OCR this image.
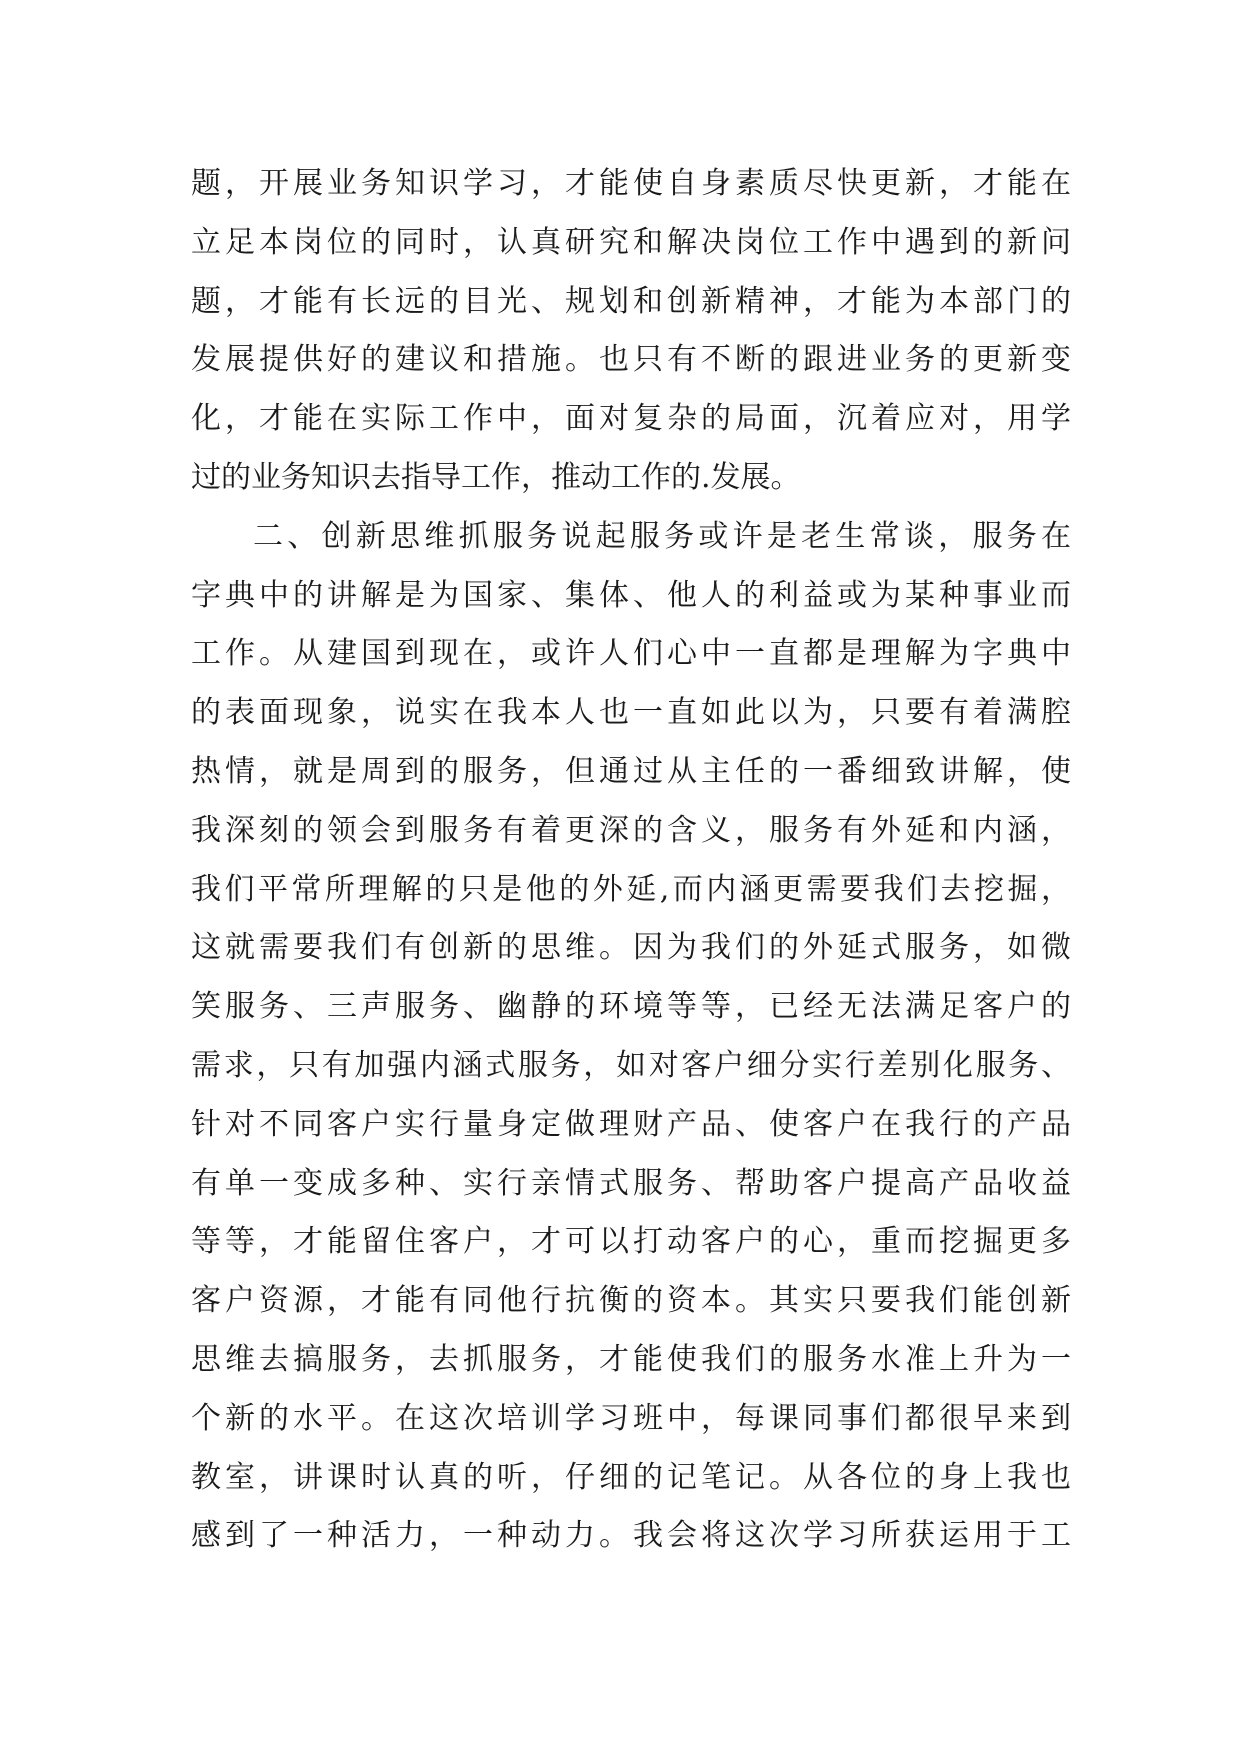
题，开展业务知识学习，才能使自身素质尽快更新，才能在
立足本岗位的同时，认真研究和解决岗位工作中遇到的新问
题，才能有长远的目光、规划和创新精神，才能为本部门的
发展提供好的建议和措施。也只有不断的跟进业务的更新变
化，才能在实际工作中，面对复杂的局面，沉着应对，用学
过的业务知识去指导工作，推动工作的.发展。
二、创新思维抓服务说起服务或许是老生常谈，服务在
字典中的讲解是为国家、集体、他人的利益或为某种事业而
工作。从建国到现在，或许人们心中一直都是理解为字典中
的表面现象，说实在我本人也一直如此以为，只要有着满腔
热情，就是周到的服务，但通过从主任的一番细致讲解，使
我深刻的领会到服务有着更深的含义，服务有外延和内涵，
我们平常所理解的只是他的外延,而内涵更需要我们去挖掘，
这就需要我们有创新的思维。因为我们的外延式服务，如微
笑服务、三声服务、幽静的环境等等，已经无法满足客户的
需求，只有加强内涵式服务，如对客户细分实行差别化服务、
针对不同客户实行量身定做理财产品、使客户在我行的产品
有单一变成多种、实行亲情式服务、帮助客户提高产品收益
等等，才能留住客户，才可以打动客户的心，重而挖掘更多
客户资源，才能有同他行抗衡的资本。其实只要我们能创新
思维去搞服务，去抓服务，才能使我们的服务水准上升为一
个新的水平。在这次培训学习班中，每课同事们都很早来到
教室，讲课时认真的听，仔细的记笔记。从各位的身上我也
感到了一种活力，一种动力。我会将这次学习所获运用于工
